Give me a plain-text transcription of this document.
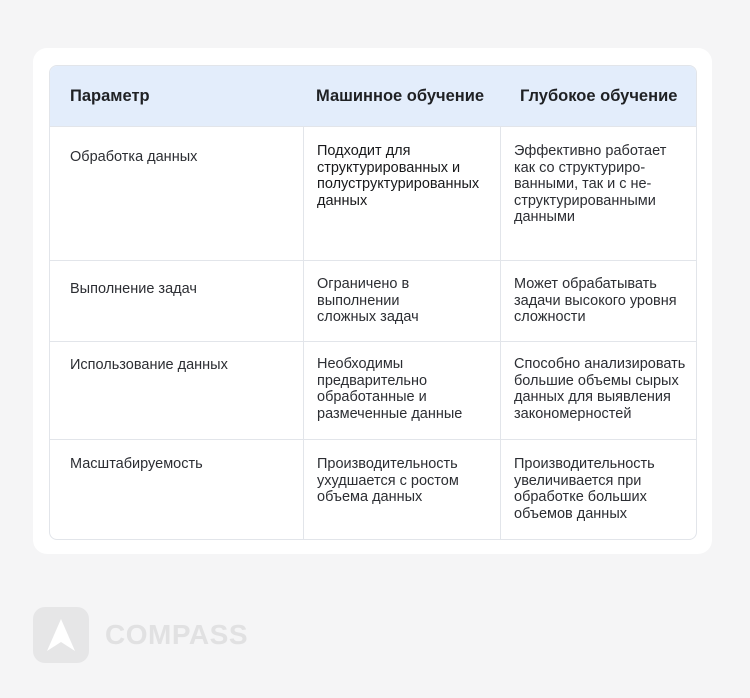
Параметр	Машинное обучение	Глубокое обучение
Обработка данных	Подходит для структурированных и полуструктурированных данных	Эффективно работает как со структуриро-ванными, так и с не-структурированными данными

Выполнение задач	Ограничено в выполнении сложных задач	Может обрабатывать задачи высокого уровня сложности

Использование данных	Необходимы предварительно обработанные и размеченные данные	Способно анализировать большие объемы сырых данных для выявления закономерностей

Масштабируемость	Производительность ухудшается с ростом объема данных	Производительность увеличивается при обработке больших объемов данных
COMPASS
